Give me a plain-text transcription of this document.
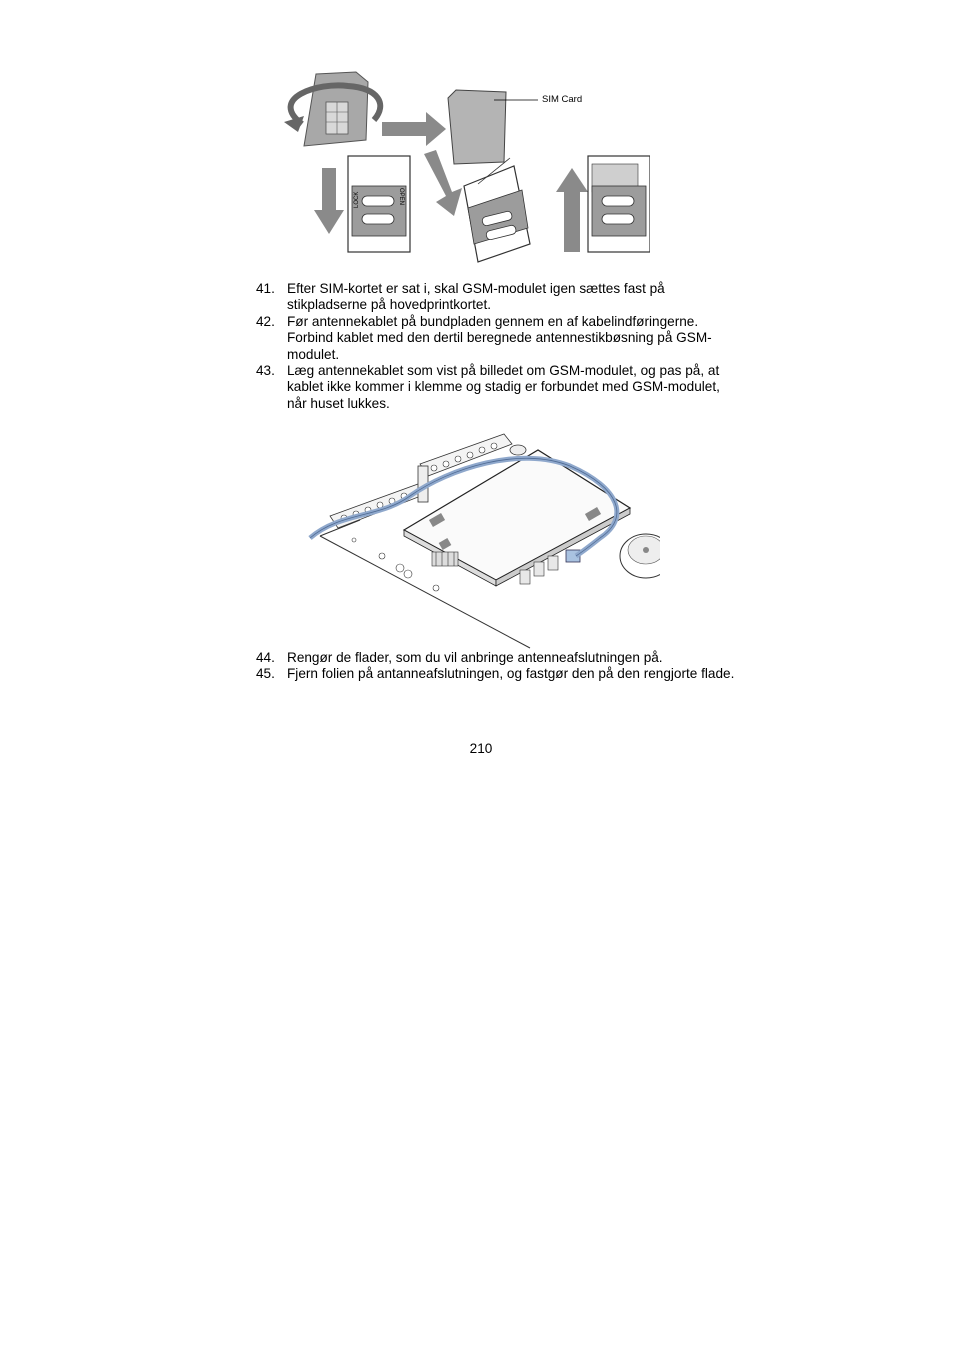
SIM Card
LOCK	OPEN
41. Efter SIM-kortet er sat i, skal GSM-modulet igen sættes fast på stikpladserne på hovedprintkortet.
42. Før antennekablet på bundpladen gennem en af kabelindføringerne. Forbind kablet med den dertil beregnede antennestikbøsning på GSM-modulet.
43. Læg antennekablet som vist på billedet om GSM-modulet, og pas på, at kablet ikke kommer i klemme og stadig er forbundet med GSM-modulet, når huset lukkes.
44. Rengør de flader, som du vil anbringe antenneafslutningen på.
45. Fjern folien på antanneafslutningen, og fastgør den på den rengjorte flade.
210
